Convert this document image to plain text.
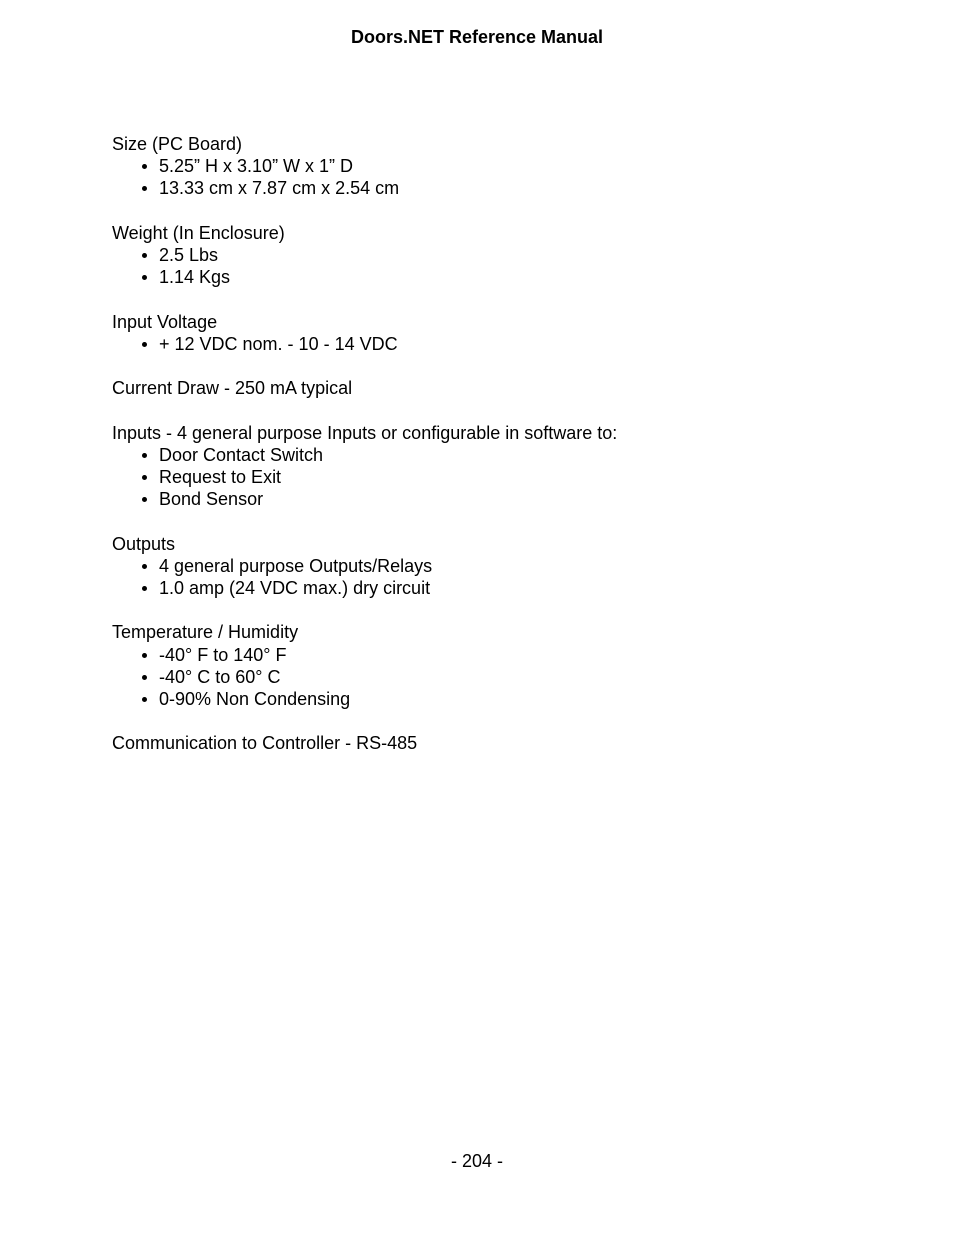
Doors.NET Reference Manual
Size (PC Board)
5.25” H x 3.10” W x 1” D
13.33 cm x 7.87 cm x 2.54 cm
Weight (In Enclosure)
2.5 Lbs
1.14 Kgs
Input Voltage
+ 12 VDC nom. - 10 - 14 VDC
Current Draw - 250 mA typical
Inputs - 4 general purpose Inputs or configurable in software to:
Door Contact Switch
Request to Exit
Bond Sensor
Outputs
4 general purpose Outputs/Relays
1.0 amp (24 VDC max.) dry circuit
Temperature / Humidity
-40° F to 140° F
-40° C to 60° C
0-90% Non Condensing
Communication to Controller - RS-485
- 204 -
